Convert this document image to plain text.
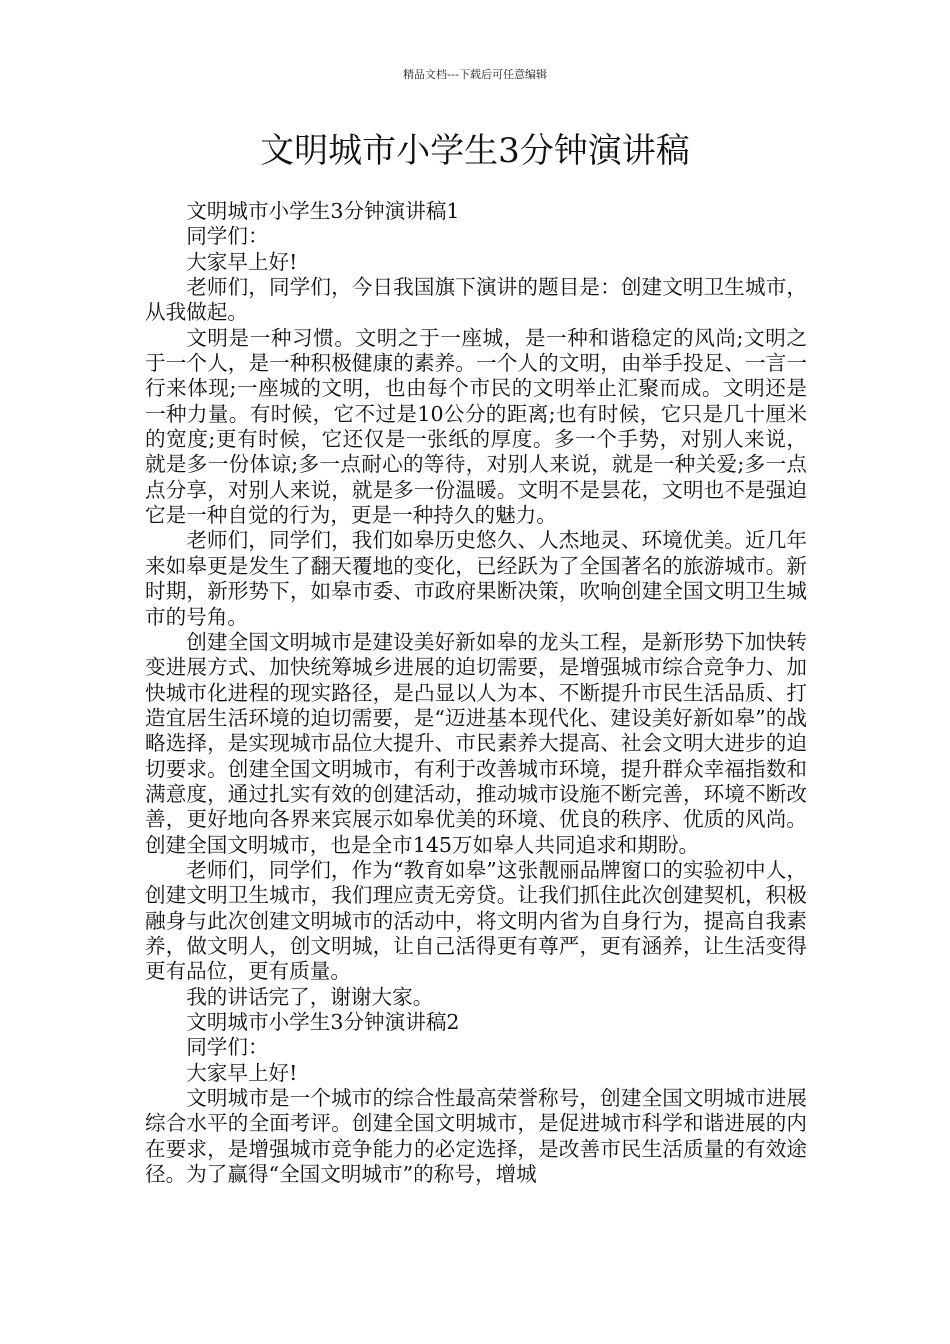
精品文档---下载后可任意编辑
文明城市小学生3分钟演讲稿

文明城市小学生3分钟演讲稿1

同学们：

大家早上好!

老师们，同学们，今日我国旗下演讲的题目是：创建文明卫生城市，从我做起。

文明是一种习惯。文明之于一座城，是一种和谐稳定的风尚;文明之于一个人，是一种积极健康的素养。一个人的文明，由举手投足、一言一行来体现;一座城的文明，也由每个市民的文明举止汇聚而成。文明还是一种力量。有时候，它不过是10公分的距离;也有时候，它只是几十厘米的宽度;更有时候，它还仅是一张纸的厚度。多一个手势，对别人来说，就是多一份体谅;多一点耐心的等待，对别人来说，就是一种关爱;多一点点分享，对别人来说，就是多一份温暖。文明不是昙花，文明也不是强迫它是一种自觉的行为，更是一种持久的魅力。

老师们，同学们，我们如皋历史悠久、人杰地灵、环境优美。近几年来如皋更是发生了翻天覆地的变化，已经跃为了全国著名的旅游城市。新时期，新形势下，如皋市委、市政府果断决策，吹响创建全国文明卫生城市的号角。

创建全国文明城市是建设美好新如皋的龙头工程，是新形势下加快转变进展方式、加快统筹城乡进展的迫切需要，是增强城市综合竞争力、加快城市化进程的现实路径，是凸显以人为本、不断提升市民生活品质、打造宜居生活环境的迫切需要，是“迈进基本现代化、建设美好新如皋”的战略选择，是实现城市品位大提升、市民素养大提高、社会文明大进步的迫切要求。创建全国文明城市，有利于改善城市环境，提升群众幸福指数和满意度，通过扎实有效的创建活动，推动城市设施不断完善，环境不断改善，更好地向各界来宾展示如皋优美的环境、优良的秩序、优质的风尚。创建全国文明城市，也是全市145万如皋人共同追求和期盼。

老师们，同学们，作为“教育如皋”这张靓丽品牌窗口的实验初中人，创建文明卫生城市，我们理应责无旁贷。让我们抓住此次创建契机，积极融身与此次创建文明城市的活动中，将文明内省为自身行为，提高自我素养，做文明人，创文明城，让自己活得更有尊严，更有涵养，让生活变得更有品位，更有质量。

我的讲话完了，谢谢大家。

文明城市小学生3分钟演讲稿2

同学们：

大家早上好!

文明城市是一个城市的综合性最高荣誉称号，创建全国文明城市进展综合水平的全面考评。创建全国文明城市，是促进城市科学和谐进展的内在要求，是增强城市竞争能力的必定选择，是改善市民生活质量的有效途径。为了赢得“全国文明城市”的称号，增城
